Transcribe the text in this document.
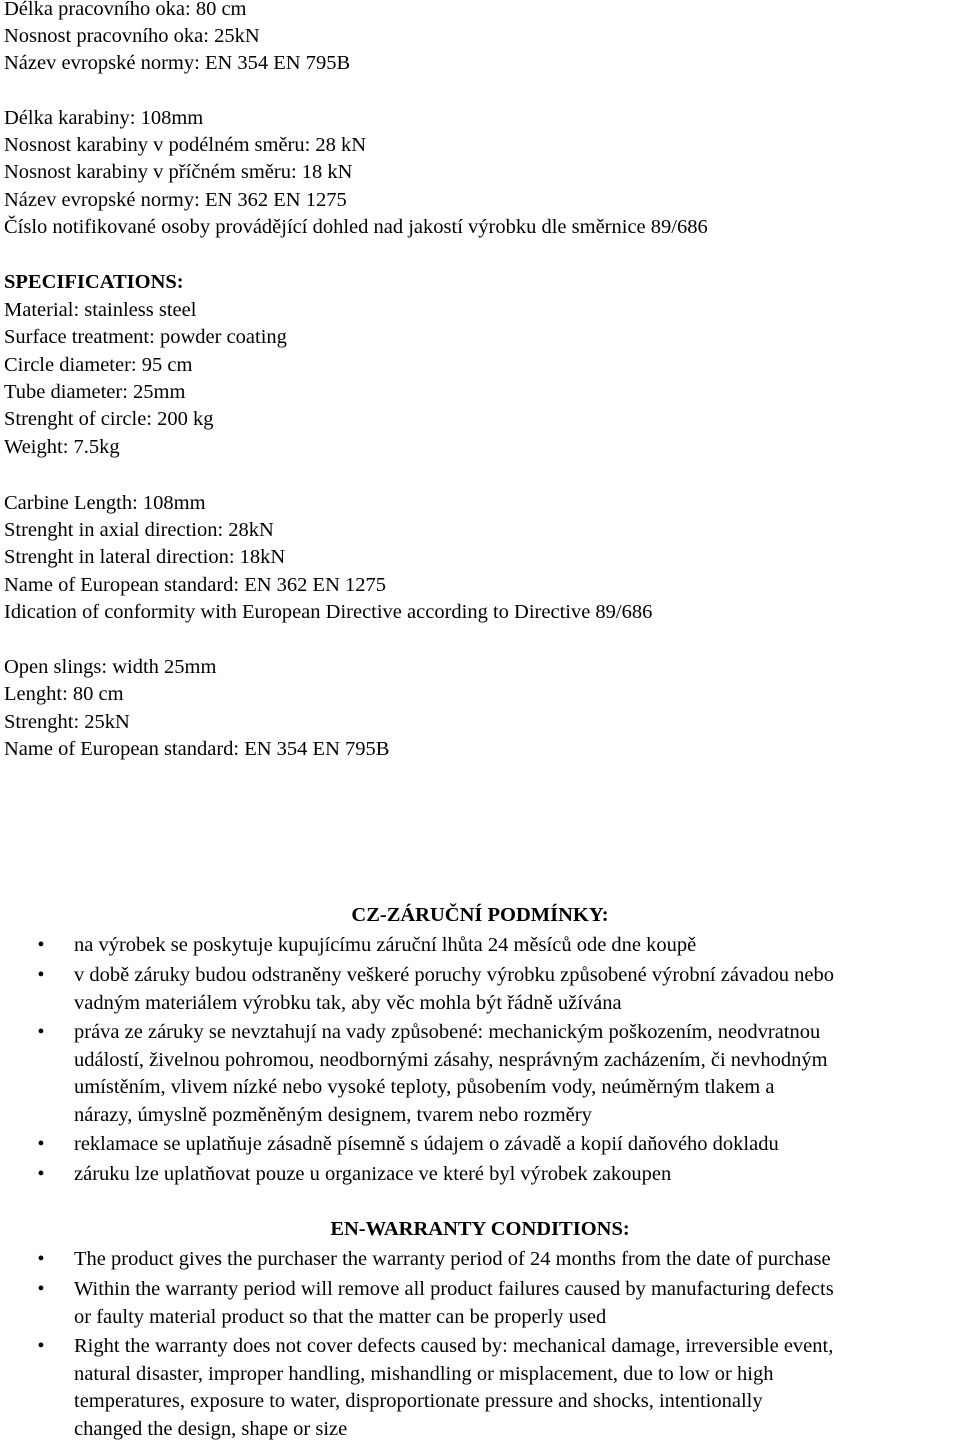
Délka pracovního oka: 80 cm

Nosnost pracovního oka: 25kN

Název evropské normy: EN 354 EN 795B

Délka karabiny: 108mm

Nosnost karabiny v podélném směru: 28 kN

Nosnost karabiny v příčném směru: 18 kN

Název evropské normy: EN 362 EN 1275

Číslo notifikované osoby provádějící dohled nad jakostí výrobku dle směrnice 89/686

SPECIFICATIONS:

Material: stainless steel

Surface treatment: powder coating

Circle diameter: 95 cm

Tube diameter: 25mm

Strenght of circle: 200 kg

Weight: 7.5kg

Carbine Length: 108mm

Strenght in axial direction: 28kN

Strenght in lateral direction: 18kN

Name of European standard: EN 362 EN 1275

Idication of conformity with European Directive according to Directive 89/686

Open slings: width 25mm

Lenght: 80 cm

Strenght: 25kN

Name of European standard: EN 354 EN 795B

CZ-ZÁRUČNÍ PODMÍNKY:

• na výrobek se poskytuje kupujícímu záruční lhůta 24 měsíců ode dne koupě
• v době záruky budou odstraněny veškeré poruchy výrobku způsobené výrobní závadou nebo
vadným materiálem výrobku tak, aby věc mohla být řádně užívána
• práva ze záruky se nevztahují na vady způsobené: mechanickým poškozením, neodvratnou
událostí, živelnou pohromou, neodbornými zásahy, nesprávným zacházením, či nevhodným
umístěním, vlivem nízké nebo vysoké teploty, působením vody, neúměrným tlakem a
nárazy, úmyslně pozměněným designem, tvarem nebo rozměry
• reklamace se uplatňuje zásadně písemně s údajem o závadě a kopií daňového dokladu
• záruku lze uplatňovat pouze u organizace ve které byl výrobek zakoupen

EN-WARRANTY CONDITIONS:

• The product gives the purchaser the warranty period of 24 months from the date of purchase
• Within the warranty period will remove all product failures caused by manufacturing defects
or faulty material product so that the matter can be properly used
• Right the warranty does not cover defects caused by: mechanical damage, irreversible event,
natural disaster, improper handling, mishandling or misplacement, due to low or high
temperatures, exposure to water, disproportionate pressure and shocks, intentionally
changed the design, shape or size
